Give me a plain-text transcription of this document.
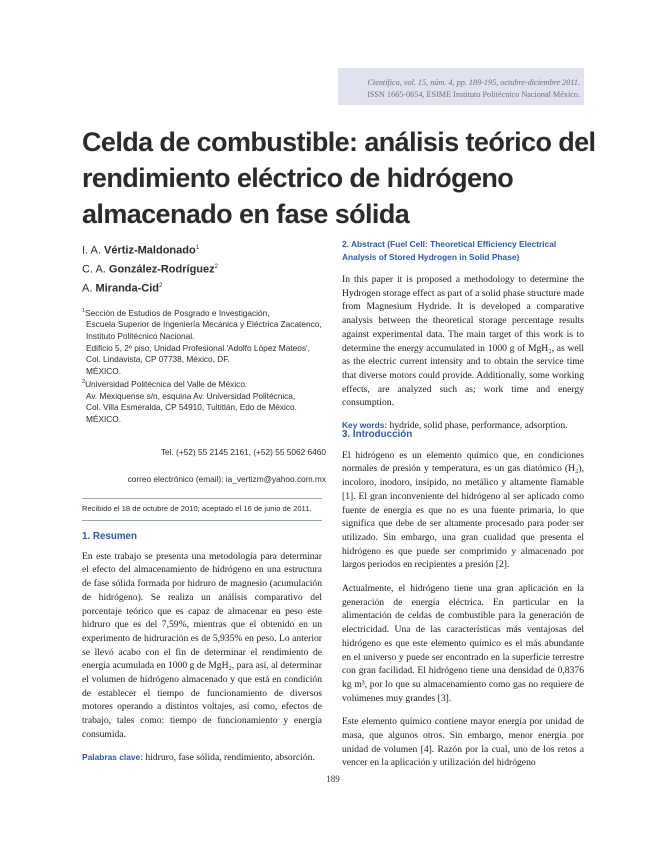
Científica, vol. 15, núm. 4, pp. 189-195, octubre-diciembre 2011.
ISSN 1665-0654, ESIME Instituto Politécnico Nacional México.
Celda de combustible: análisis teórico del
rendimiento eléctrico de hidrógeno
almacenado en fase sólida
I. A. Vértiz-Maldonado$^1$
C. A. González-Rodríguez$^2$
A. Miranda-Cid$^2$
$^1$Sección de Estudios de Posgrado e Investigación,
Escuela Superior de Ingeniería Mecánica y Eléctrica Zacatenco,
Instituto Politécnico Nacional.
Edificio 5, 2º piso, Unidad Profesional 'Adolfo López Mateos',
Col. Lindavista, CP 07738, México, DF.
MÉXICO.
$^2$Universidad Politécnica del Valle de México.
Av. Mexiquense s/n, esquina Av. Universidad Politécnica,
Col. Villa Esmeralda, CP 54910, Tultitlán, Edo de México.
MÉXICO.
Tel. (+52) 55 2145 2161, (+52) 55 5062 6460
correo electrónico (email): ia_vertizm@yahoo.com.mx
Recibido el 18 de octubre de 2010; aceptado el 16 de junio de 2011.
1. Resumen

En este trabajo se presenta una metodología para determinar el efecto del almacenamiento de hidrógeno en una estructura de fase sólida formada por hidruro de magnesio (acumulación de hidrógeno). Se realiza un análisis comparativo del porcentaje teórico que es capaz de almacenar en peso este hidruro que es del 7,59%, mientras que el obtenido en un experimento de hidruración es de 5,935% en peso. Lo anterior se llevó acabo con el fin de determinar el rendimiento de energía acumulada en 1000 g de MgH₂, para así, al determinar el volumen de hidrógeno almacenado y que está en condición de establecer el tiempo de funcionamiento de diversos motores operando a distintos voltajes, así como, efectos de trabajo, tales como: tiempo de funcionamiento y energía consumida.

Palabras clave: hidruro, fase sólida, rendimiento, absorción.

2. Abstract (Fuel Cell: Theoretical Efficiency Electrical Analysis of Stored Hydrogen in Solid Phase)

In this paper it is proposed a methodology to determine the Hydrogen storage effect as part of a solid phase structure made from Magnesium Hydride. It is developed a comparative analysis between the theoretical storage percentage results against experimental data. The main target of this work is to determine the energy accumulated in 1000 g of MgH₂, as well as the electric current intensity and to obtain the service time that diverse motors could provide. Additionally, some working effects, are analyzed such as; work time and energy consumption.

Key words: hydride, solid phase, performance, adsorption.

3. Introducción

El hidrógeno es un elemento químico que, en condiciones normales de presión y temperatura, es un gas diatómico (H₂), incoloro, inodoro, insípido, no metálico y altamente flamable [1]. El gran inconveniente del hidrógeno al ser aplicado como fuente de energía es que no es una fuente primaria, lo que significa que debe de ser altamente procesado para poder ser utilizado. Sin embargo, una gran cualidad que presenta el hidrógeno es que puede ser comprimido y almacenado por largos periodos en recipientes a presión [2].

Actualmente, el hidrógeno tiene una gran aplicación en la generación de energía eléctrica. En particular en la alimentación de celdas de combustible para la generación de electricidad. Una de las características más ventajosas del hidrógeno es que este elemento químico es el más abundante en el universo y puede ser encontrado en la superficie terrestre con gran facilidad. El hidrógeno tiene una densidad de 0,8376 kg m³, por lo que su almacenamiento como gas no requiere de volúmenes muy grandes [3].

Este elemento químico contiene mayor energía por unidad de masa, que algunos otros. Sin embargo, menor energía por unidad de volumen [4]. Razón por la cual, uno de los retos a vencer en la aplicación y utilización del hidrógeno

189
